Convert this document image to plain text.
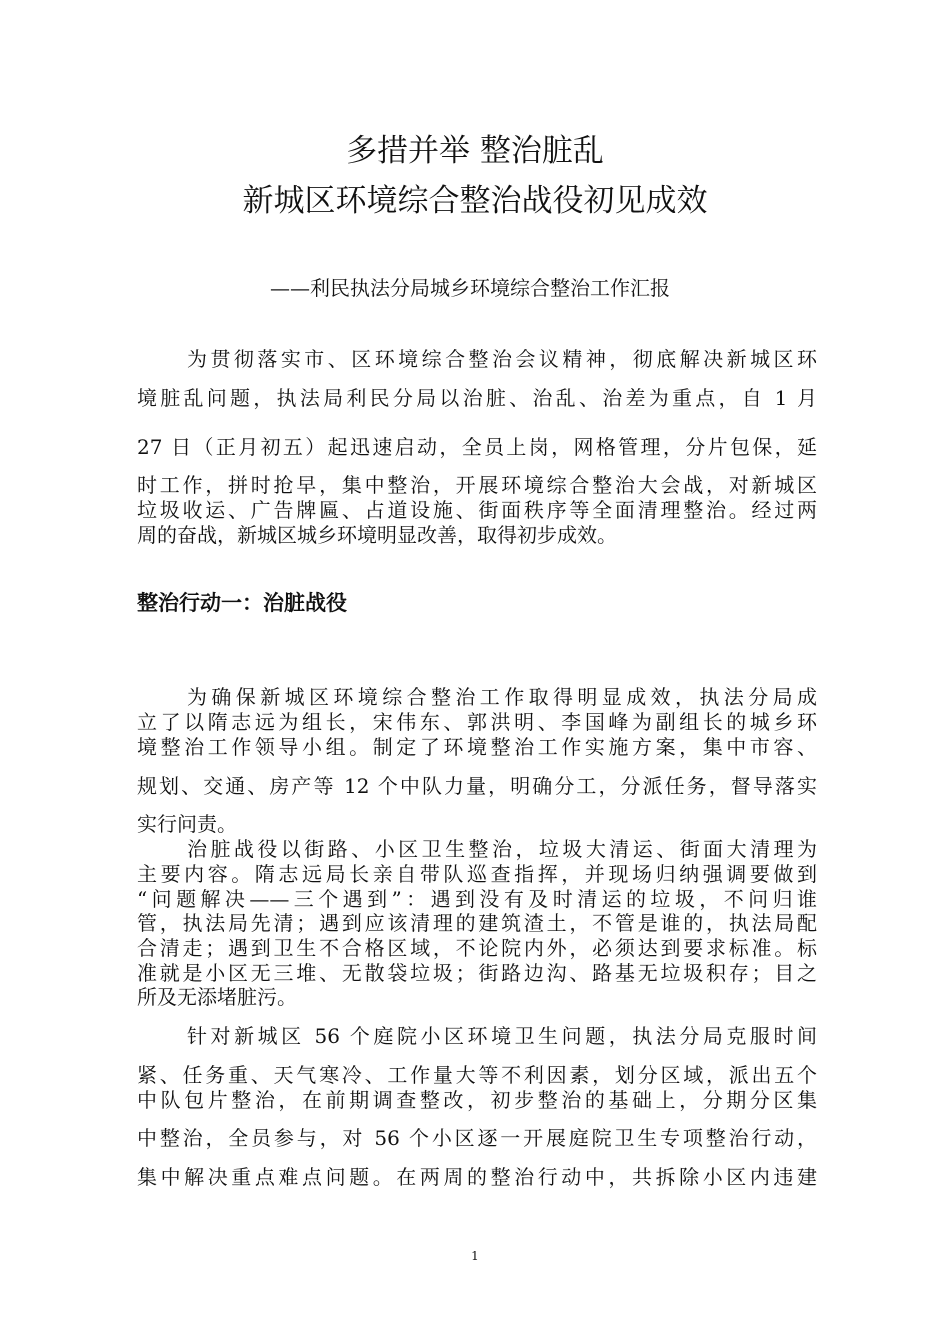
多措并举 整治脏乱
新城区环境综合整治战役初见成效
——利民执法分局城乡环境综合整治工作汇报
为贯彻落实市、区环境综合整治会议精神，彻底解决新城区环
境脏乱问题，执法局利民分局以治脏、治乱、治差为重点，自 1 月
27 日（正月初五）起迅速启动，全员上岗，网格管理，分片包保，延
时工作，拼时抢早，集中整治，开展环境综合整治大会战，对新城区
垃圾收运、广告牌匾、占道设施、街面秩序等全面清理整治。经过两
周的奋战，新城区城乡环境明显改善，取得初步成效。
整治行动一：治脏战役
为确保新城区环境综合整治工作取得明显成效，执法分局成
立了以隋志远为组长，宋伟东、郭洪明、李国峰为副组长的城乡环
境整治工作领导小组。制定了环境整治工作实施方案，集中市容、
规划、交通、房产等 12 个中队力量，明确分工，分派任务，督导落实
实行问责。
治脏战役以街路、小区卫生整治，垃圾大清运、街面大清理为
主要内容。隋志远局长亲自带队巡查指挥，并现场归纳强调要做到
“问题解决——三个遇到”：遇到没有及时清运的垃圾，不问归谁
管，执法局先清；遇到应该清理的建筑渣土，不管是谁的，执法局配
合清走；遇到卫生不合格区域，不论院内外，必须达到要求标准。标
准就是小区无三堆、无散袋垃圾；街路边沟、路基无垃圾积存；目之
所及无添堵脏污。
针对新城区 56 个庭院小区环境卫生问题，执法分局克服时间
紧、任务重、天气寒冷、工作量大等不利因素，划分区域，派出五个
中队包片整治，在前期调查整改，初步整治的基础上，分期分区集
中整治，全员参与，对 56 个小区逐一开展庭院卫生专项整治行动，
集中解决重点难点问题。在两周的整治行动中，共拆除小区内违建
1
